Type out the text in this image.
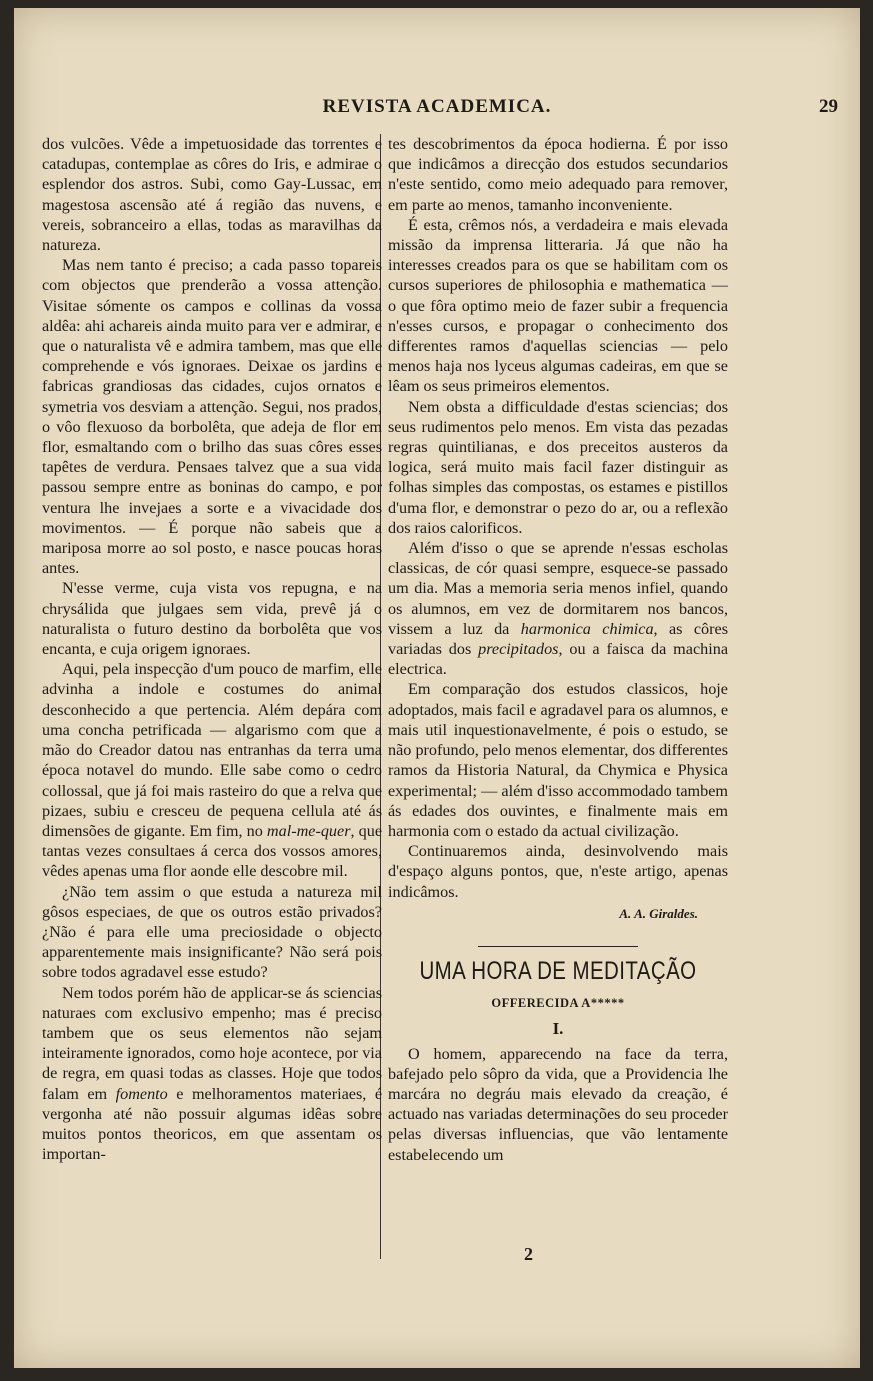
REVISTA ACADEMICA.	29

dos vulcões. Vêde a impetuosidade das torrentes e catadupas, contemplae as côres do Iris, e admirae o esplendor dos astros. Subi, como Gay-Lussac, em magestosa ascensão até á região das nuvens, e vereis, sobranceiro a ellas, todas as maravilhas da natureza.

Mas nem tanto é preciso; a cada passo topareis com objectos que prenderão a vossa attenção. Visitae sómente os campos e collinas da vossa aldêa: ahi achareis ainda muito para ver e admirar, e que o naturalista vê e admira tambem, mas que elle comprehende e vós ignoraes. Deixae os jardins e fabricas grandiosas das cidades, cujos ornatos e symetria vos desviam a attenção. Segui, nos prados, o vôo flexuoso da borbolêta, que adeja de flor em flor, esmaltando com o brilho das suas côres esses tapêtes de verdura. Pensaes talvez que a sua vida passou sempre entre as boninas do campo, e por ventura lhe invejaes a sorte e a vivacidade dos movimentos. — É porque não sabeis que a mariposa morre ao sol posto, e nasce poucas horas antes.

N'esse verme, cuja vista vos repugna, e na chrysálida que julgaes sem vida, prevê já o naturalista o futuro destino da borbolêta que vos encanta, e cuja origem ignoraes.

Aqui, pela inspecção d'um pouco de marfim, elle advinha a indole e costumes do animal desconhecido a que pertencia. Além depára com uma concha petrificada — algarismo com que a mão do Creador datou nas entranhas da terra uma época notavel do mundo. Elle sabe como o cedro collossal, que já foi mais rasteiro do que a relva que pizaes, subiu e cresceu de pequena cellula até ás dimensões de gigante. Em fim, no mal-me-quer, que tantas vezes consultaes á cerca dos vossos amores, vêdes apenas uma flor aonde elle descobre mil.

¿Não tem assim o que estuda a natureza mil gôsos especiaes, de que os outros estão privados? ¿Não é para elle uma preciosidade o objecto apparentemente mais insignificante? Não será pois sobre todos agradavel esse estudo?

Nem todos porém hão de applicar-se ás sciencias naturaes com exclusivo empenho; mas é preciso tambem que os seus elementos não sejam inteiramente ignorados, como hoje acontece, por via de regra, em quasi todas as classes. Hoje que todos falam em fomento e melhoramentos materiaes, é vergonha até não possuir algumas idêas sobre muitos pontos theoricos, em que assentam os importan-

tes descobrimentos da época hodierna. É por isso que indicâmos a direcção dos estudos secundarios n'este sentido, como meio adequado para remover, em parte ao menos, tamanho inconveniente.

É esta, crêmos nós, a verdadeira e mais elevada missão da imprensa litteraria. Já que não ha interesses creados para os que se habilitam com os cursos superiores de philosophia e mathematica — o que fôra optimo meio de fazer subir a frequencia n'esses cursos, e propagar o conhecimento dos differentes ramos d'aquellas sciencias — pelo menos haja nos lyceus algumas cadeiras, em que se lêam os seus primeiros elementos.

Nem obsta a difficuldade d'estas sciencias; dos seus rudimentos pelo menos. Em vista das pezadas regras quintilianas, e dos preceitos austeros da logica, será muito mais facil fazer distinguir as folhas simples das compostas, os estames e pistillos d'uma flor, e demonstrar o pezo do ar, ou a reflexão dos raios calorificos.

Além d'isso o que se aprende n'essas escholas classicas, de cór quasi sempre, esquece-se passado um dia. Mas a memoria seria menos infiel, quando os alumnos, em vez de dormitarem nos bancos, vissem a luz da harmonica chimica, as côres variadas dos precipitados, ou a faisca da machina electrica.

Em comparação dos estudos classicos, hoje adoptados, mais facil e agradavel para os alumnos, e mais util inquestionavelmente, é pois o estudo, se não profundo, pelo menos elementar, dos differentes ramos da Historia Natural, da Chymica e Physica experimental; — além d'isso accommodado tambem ás edades dos ouvintes, e finalmente mais em harmonia com o estado da actual civilização.

Continuaremos ainda, desinvolvendo mais d'espaço alguns pontos, que, n'este artigo, apenas indicâmos.

A. A. Giraldes.
UMA HORA DE MEDITAÇÃO
OFFERECIDA A*****
I.

O homem, apparecendo na face da terra, bafejado pelo sôpro da vida, que a Providencia lhe marcára no degráu mais elevado da creação, é actuado nas variadas determinações do seu proceder pelas diversas influencias, que vão lentamente estabelecendo um

2
